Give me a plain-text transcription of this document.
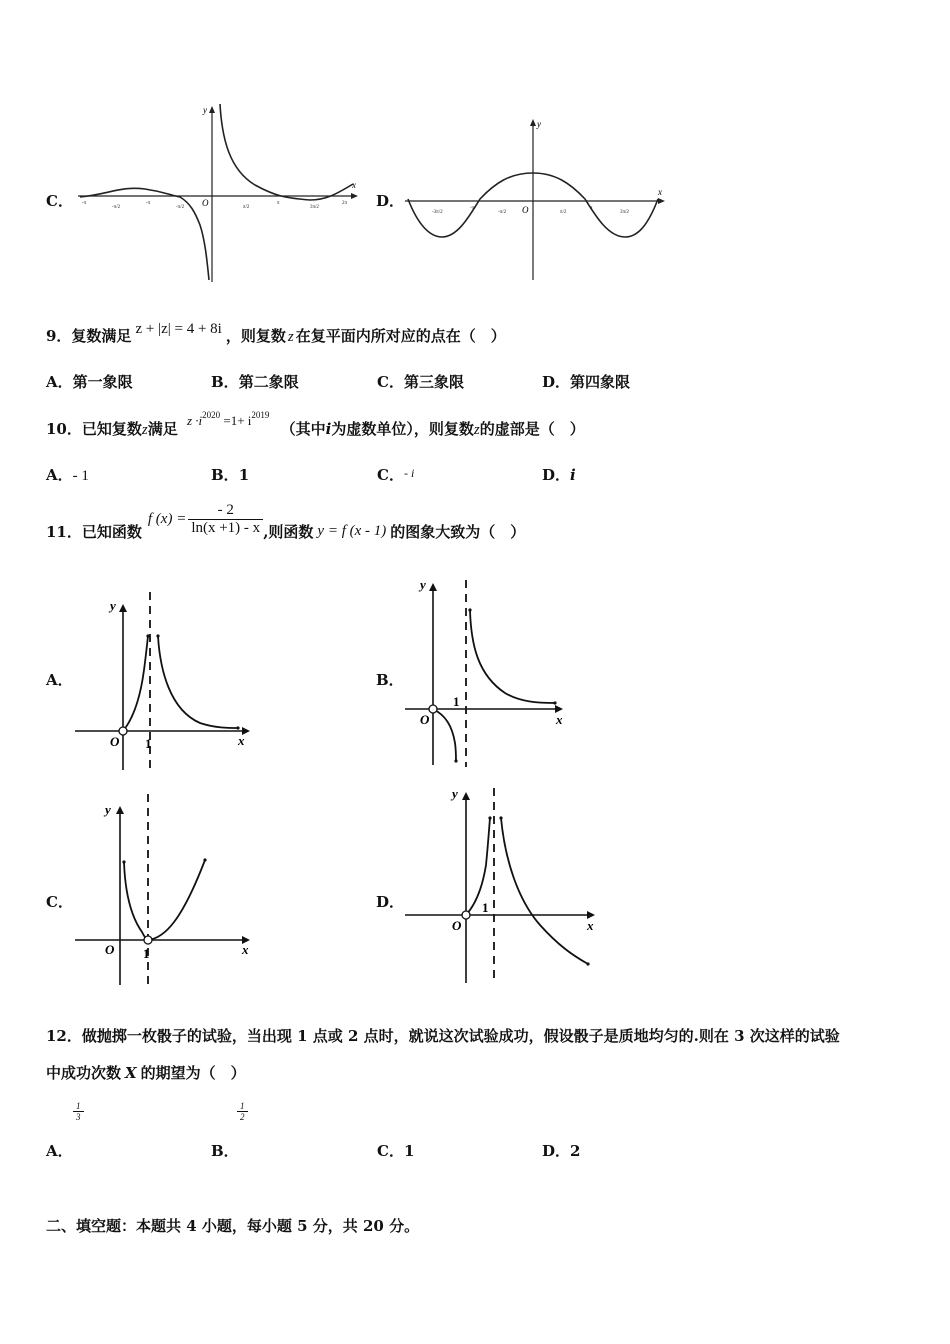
C．
y
x
O
-π
-π/2
-π
-π/2	π/2
π
3π/2
2π D．
y
x
O
-3π/2
-π
-π/2	π/2
π
3π/2
9．复数满足 z + |z| = 4 + 8i ，则复数 z 在复平面内所对应的点在（　）
A．第一象限	B．第二象限	C．第三象限	D．第四象限
10．已知复数z满足 $z \cdot i^{2020} =1+ i^{2019}$ （其中i为虚数单位），则复数z的虚部是（　）
A．- 1	B．1	C．$^{- i}$	D．i
11．已知函数
f $(x) = \frac{- 2}{\ln(x +1) - x}$ ,则函数 y = f (x - 1) 的图象大致为（　）
A．
y
x
O 1
B．
y
x
O
1
C．
y
x
O 1
D．
y
x
O
1
12．做抛掷一枚骰子的试验，当出现 1 点或 2 点时，就说这次试验成功，假设骰子是质地均匀的.则在 3 次这样的试验
中成功次数 X 的期望为（　）
$\frac{1}{3}$	$\frac{1}{2}$
A．	B．	C．1	D．2
二、填空题：本题共 4 小题，每小题 5 分，共 20 分。
